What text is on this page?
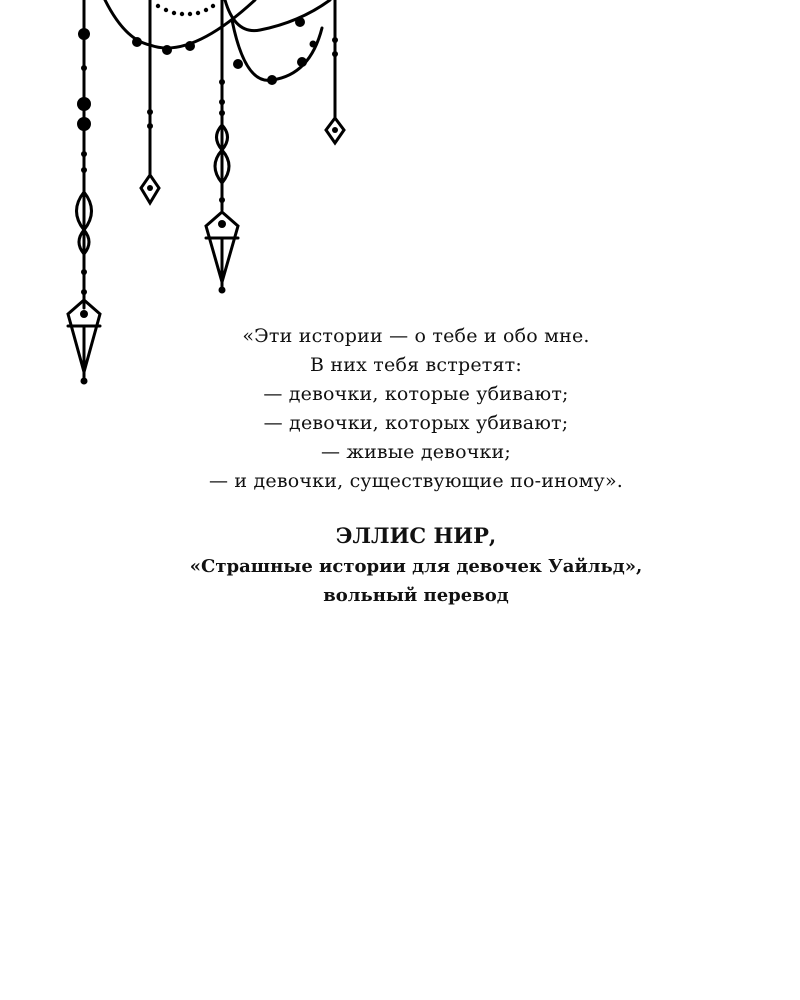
«Эти истории — о тебе и обо мне.
В них тебя встретят:
— девочки, которые убивают;
— девочки, которых убивают;
— живые девочки;
— и девочки, существующие по-иному».
ЭЛЛИС НИР,
«Страшные истории для девочек Уайльд»,
вольный перевод
